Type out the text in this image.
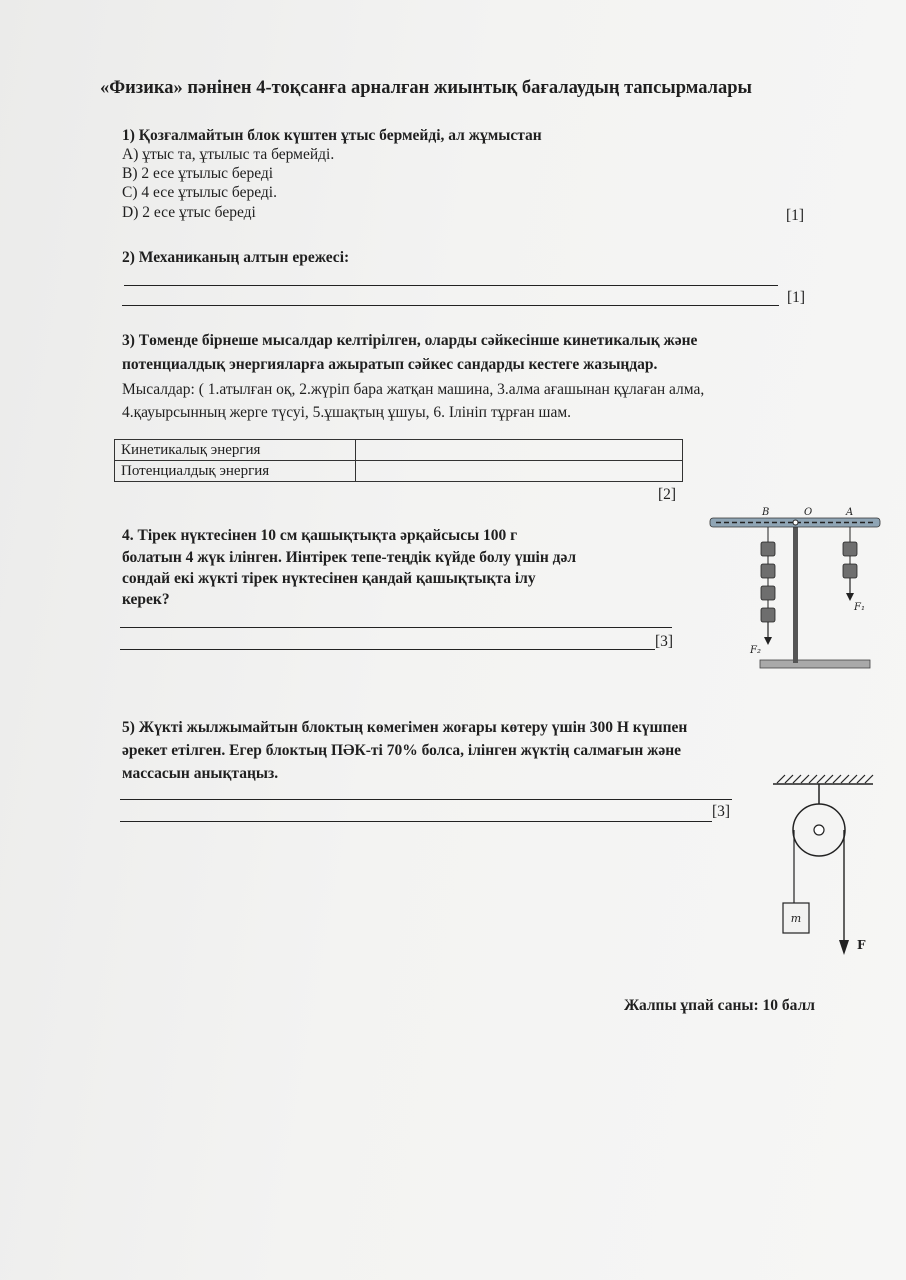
«Физика» пәнінен 4-тоқсанға арналған жиынтық бағалаудың тапсырмалары
1) Қозғалмайтын блок күштен ұтыс бермейді, ал жұмыстан
A) ұтыс та, ұтылыс та бермейді.
B) 2 есе ұтылыс береді
C) 4 есе ұтылыс береді.
D) 2 есе ұтыс береді	[1]
2) Механиканың алтын ережесі:
[1]
3) Төменде бірнеше мысалдар келтірілген, оларды сәйкесінше кинетикалық және
потенциалдық энергияларға ажыратып сәйкес сандарды кестеге жазыңдар.
Мысалдар: ( 1.атылған оқ, 2.жүріп бара жатқан машина, 3.алма ағашынан құлаған алма,
4.қауырсынның жерге түсуі, 5.ұшақтың ұшуы, 6. Ілініп тұрған шам.
Кинетикалық энергия	
Потенциалдық энергия	
[2]
4. Тірек нүктесінен 10 см қашықтықта әрқайсысы 100 г
болатын 4 жүк ілінген. Иінтірек тепе-теңдік күйде болу үшін дәл
сондай екі жүкті тірек нүктесінен қандай қашықтықта ілу
керек?
[3]
B	O	A
F₂
F₁
5) Жүкті жылжымайтын блоктың көмегімен жоғары көтеру үшін 300 Н күшпен
әрекет етілген. Егер блоктың ПӘК-ті 70% болса, ілінген жүктің салмағын және
массасын анықтаңыз.
[3]
m
F
Жалпы ұпай саны: 10 балл
